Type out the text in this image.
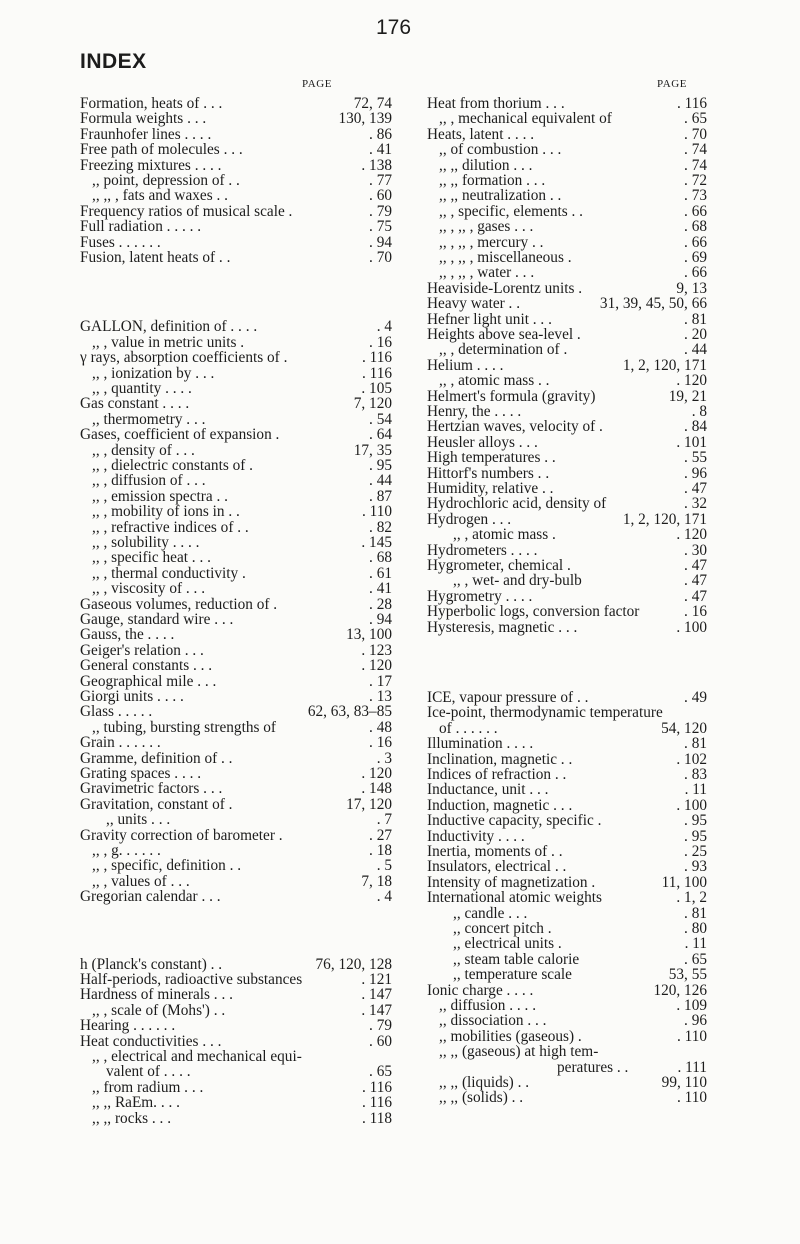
INDEX
176
PAGE	PAGE
Formation, heats of . . .	72, 74
Formula weights . . .	130, 139
Fraunhofer lines . . . .	. 86
Free path of molecules . . .	. 41
Freezing mixtures . . . .	. 138
,, point, depression of . .	. 77
,, ,, , fats and waxes . .	. 60
Frequency ratios of musical scale .	. 79
Full radiation . . . . .	. 75
Fuses . . . . . .	. 94
Fusion, latent heats of . .	. 70
GALLON, definition of . . . .	. 4
,, , value in metric units .	. 16
γ rays, absorption coefficients of .	. 116
,, , ionization by . . .	. 116
,, , quantity . . . .	. 105
Gas constant . . . .	7, 120
,, thermometry . . .	. 54
Gases, coefficient of expansion .	. 64
,, , density of . . .	17, 35
,, , dielectric constants of .	. 95
,, , diffusion of . . .	. 44
,, , emission spectra . .	. 87
,, , mobility of ions in . .	. 110
,, , refractive indices of . .	. 82
,, , solubility . . . .	. 145
,, , specific heat . . .	. 68
,, , thermal conductivity .	. 61
,, , viscosity of . . .	. 41
Gaseous volumes, reduction of .	. 28
Gauge, standard wire . . .	. 94
Gauss, the . . . .	13, 100
Geiger's relation . . .	. 123
General constants . . .	. 120
Geographical mile . . .	. 17
Giorgi units . . . .	. 13
Glass . . . . .	62, 63, 83–85
,, tubing, bursting strengths of	. 48
Grain . . . . . .	. 16
Gramme, definition of . .	. 3
Grating spaces . . . .	. 120
Gravimetric factors . . .	. 148
Gravitation, constant of .	17, 120
,, units . . .	. 7
Gravity correction of barometer .	. 27
,, , g. . . . . .	. 18
,, , specific, definition . .	. 5
,, , values of . . .	7, 18
Gregorian calendar . . .	. 4
h (Planck's constant) . .	76, 120, 128
Half-periods, radioactive substances	. 121
Hardness of minerals . . .	. 147
,, , scale of (Mohs') . .	. 147
Hearing . . . . . .	. 79
Heat conductivities . . .	. 60
,, , electrical and mechanical equi-
valent of . . . .	. 65
,, from radium . . .	. 116
,, ,, RaEm. . . .	. 116
,, ,, rocks . . .	. 118
Heat from thorium . . .	. 116
,, , mechanical equivalent of	. 65
Heats, latent . . . .	. 70
,, of combustion . . .	. 74
,, ,, dilution . . .	. 74
,, ,, formation . . .	. 72
,, ,, neutralization . .	. 73
,, , specific, elements . .	. 66
,, , ,, , gases . . .	. 68
,, , ,, , mercury . .	. 66
,, , ,, , miscellaneous .	. 69
,, , ,, , water . . .	. 66
Heaviside-Lorentz units .	9, 13
Heavy water . .	31, 39, 45, 50, 66
Hefner light unit . . .	. 81
Heights above sea-level .	. 20
,, , determination of .	. 44
Helium . . . .	1, 2, 120, 171
,, , atomic mass . .	. 120
Helmert's formula (gravity)	19, 21
Henry, the . . . .	. 8
Hertzian waves, velocity of .	. 84
Heusler alloys . . .	. 101
High temperatures . .	. 55
Hittorf's numbers . .	. 96
Humidity, relative . .	. 47
Hydrochloric acid, density of	. 32
Hydrogen . . .	1, 2, 120, 171
,, , atomic mass .	. 120
Hydrometers . . . .	. 30
Hygrometer, chemical .	. 47
,, , wet- and dry-bulb	. 47
Hygrometry . . . .	. 47
Hyperbolic logs, conversion factor	. 16
Hysteresis, magnetic . . .	. 100
ICE, vapour pressure of . .	. 49
Ice-point, thermodynamic temperature
of . . . . . .	54, 120
Illumination . . . .	. 81
Inclination, magnetic . .	. 102
Indices of refraction . .	. 83
Inductance, unit . . .	. 11
Induction, magnetic . . .	. 100
Inductive capacity, specific .	. 95
Inductivity . . . .	. 95
Inertia, moments of . .	. 25
Insulators, electrical . .	. 93
Intensity of magnetization .	11, 100
International atomic weights	. 1, 2
,, candle . . .	. 81
,, concert pitch .	. 80
,, electrical units .	. 11
,, steam table calorie	. 65
,, temperature scale	53, 55
Ionic charge . . . .	120, 126
,, diffusion . . . .	. 109
,, dissociation . . .	. 96
,, mobilities (gaseous) .	. 110
,, ,, (gaseous) at high tem-
peratures . .	. 111
,, ,, (liquids) . .	99, 110
,, ,, (solids) . .	. 110
